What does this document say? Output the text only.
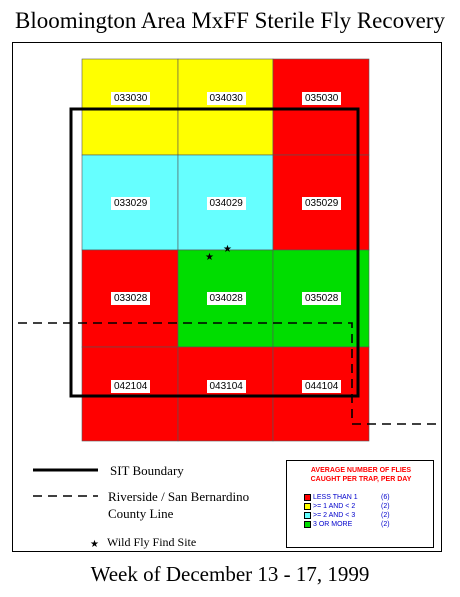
Bloomington Area MxFF Sterile Fly Recovery
★
★
★
033030	034030	035030
033029	034029	035029
033028	034028	035028
042104	043104	044104
SIT Boundary
Riverside / San Bernardino
County Line
Wild Fly Find Site
AVERAGE NUMBER OF FLIES
CAUGHT PER TRAP, PER DAY
LESS THAN 1	(6)
>= 1 AND < 2	(2)
>= 2 AND < 3	(2)
3 OR MORE	(2)
Week of December 13 - 17, 1999
